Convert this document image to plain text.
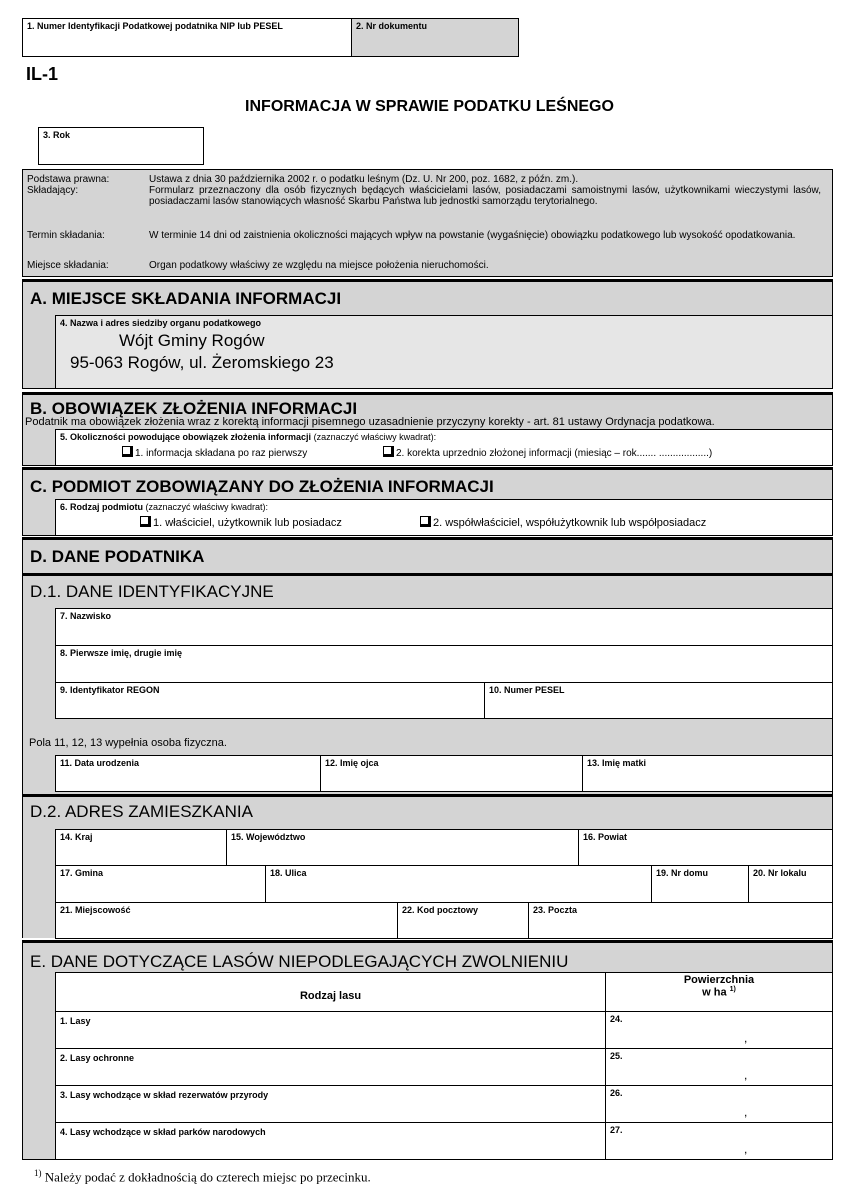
1. Numer Identyfikacji Podatkowej podatnika NIP lub PESEL	2. Nr dokumentu
IL-1
INFORMACJA W SPRAWIE PODATKU LEŚNEGO
3. Rok
Podstawa prawna:	Ustawa z dnia 30 października 2002 r. o podatku leśnym (Dz. U. Nr 200, poz. 1682, z późn. zm.).
Składający:	Formularz przeznaczony dla osób fizycznych będących właścicielami lasów, posiadaczami samoistnymi lasów, użytkownikami wieczystymi lasów, posiadaczami lasów stanowiących własność Skarbu Państwa lub jednostki samorządu terytorialnego.
Termin składania:	W terminie 14 dni od zaistnienia okoliczności mających wpływ na powstanie (wygaśnięcie) obowiązku podatkowego lub wysokość opodatkowania.
Miejsce składania:	Organ podatkowy właściwy ze względu na miejsce położenia nieruchomości.
A. MIEJSCE SKŁADANIA INFORMACJI
4. Nazwa i adres siedziby organu podatkowego
Wójt Gminy Rogów
95-063 Rogów, ul. Żeromskiego 23
B. OBOWIĄZEK ZŁOŻENIA INFORMACJI
Podatnik ma obowiązek złożenia wraz z korektą informacji pisemnego uzasadnienie przyczyny korekty - art. 81 ustawy Ordynacja podatkowa.
5. Okoliczności powodujące obowiązek złożenia informacji (zaznaczyć właściwy kwadrat):
1. informacja składana po raz pierwszy	2. korekta uprzednio złożonej informacji (miesiąc – rok....... ..................)
C. PODMIOT ZOBOWIĄZANY DO ZŁOŻENIA INFORMACJI
6. Rodzaj podmiotu (zaznaczyć właściwy kwadrat):
1. właściciel, użytkownik lub posiadacz	2. współwłaściciel, współużytkownik lub współposiadacz
D. DANE PODATNIKA
D.1. DANE IDENTYFIKACYJNE
Pola 11, 12, 13 wypełnia osoba fizyczna.
D.2. ADRES ZAMIESZKANIA
7. Nazwisko
8. Pierwsze imię, drugie imię
9. Identyfikator REGON	10. Numer PESEL
11. Data urodzenia	12. Imię ojca	13. Imię matki
14. Kraj	15. Województwo	16. Powiat
17. Gmina	18. Ulica	19. Nr domu	20. Nr lokalu
21. Miejscowość	22. Kod pocztowy	23. Poczta
E. DANE DOTYCZĄCE LASÓW NIEPODLEGAJĄCYCH ZWOLNIENIU
Rodzaj lasu
Powierzchnia
w ha $^{1)}$
1. Lasy	24.
,
2. Lasy ochronne	25.
,
3. Lasy wchodzące w skład rezerwatów przyrody	26.
,
4. Lasy wchodzące w skład parków narodowych	27.
,
$^{1)}$ Należy podać z dokładnością do czterech miejsc po przecinku.
